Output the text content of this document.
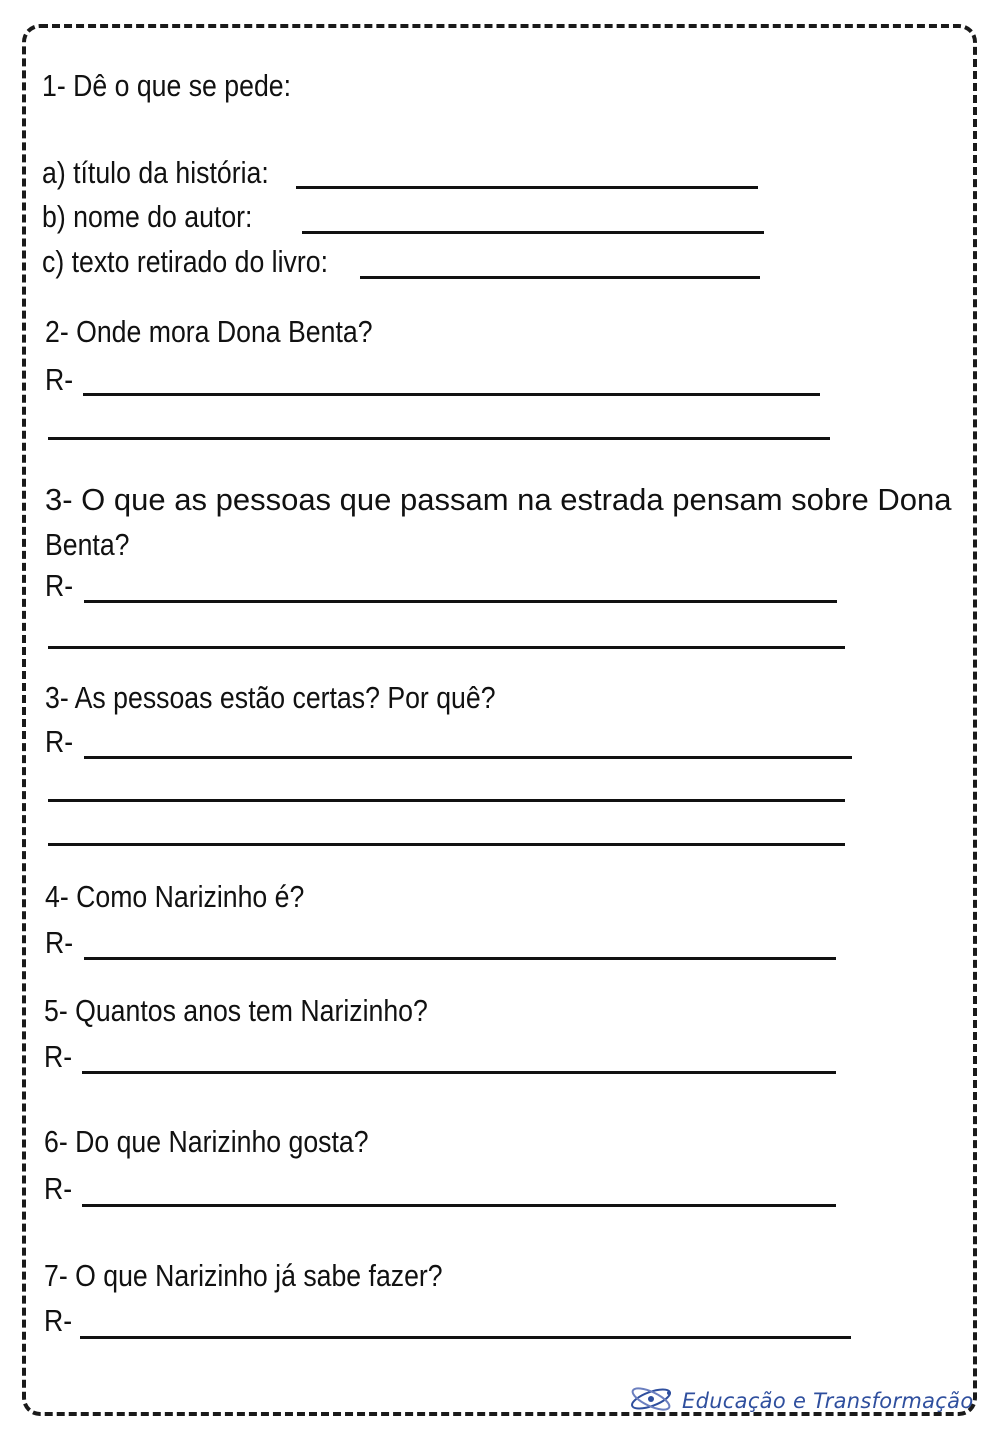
1- Dê o que se pede:
a) título da história:
b) nome do autor:
c) texto retirado do livro:
2- Onde mora Dona Benta?
R-
3- O que as pessoas que passam na estrada pensam sobre Dona
Benta?
R-
3- As pessoas estão certas? Por quê?
R-
4- Como Narizinho é?
R-
5- Quantos anos tem Narizinho?
R-
6- Do que Narizinho gosta?
R-
7- O que Narizinho já sabe fazer?
R-
Educação e Transformação
